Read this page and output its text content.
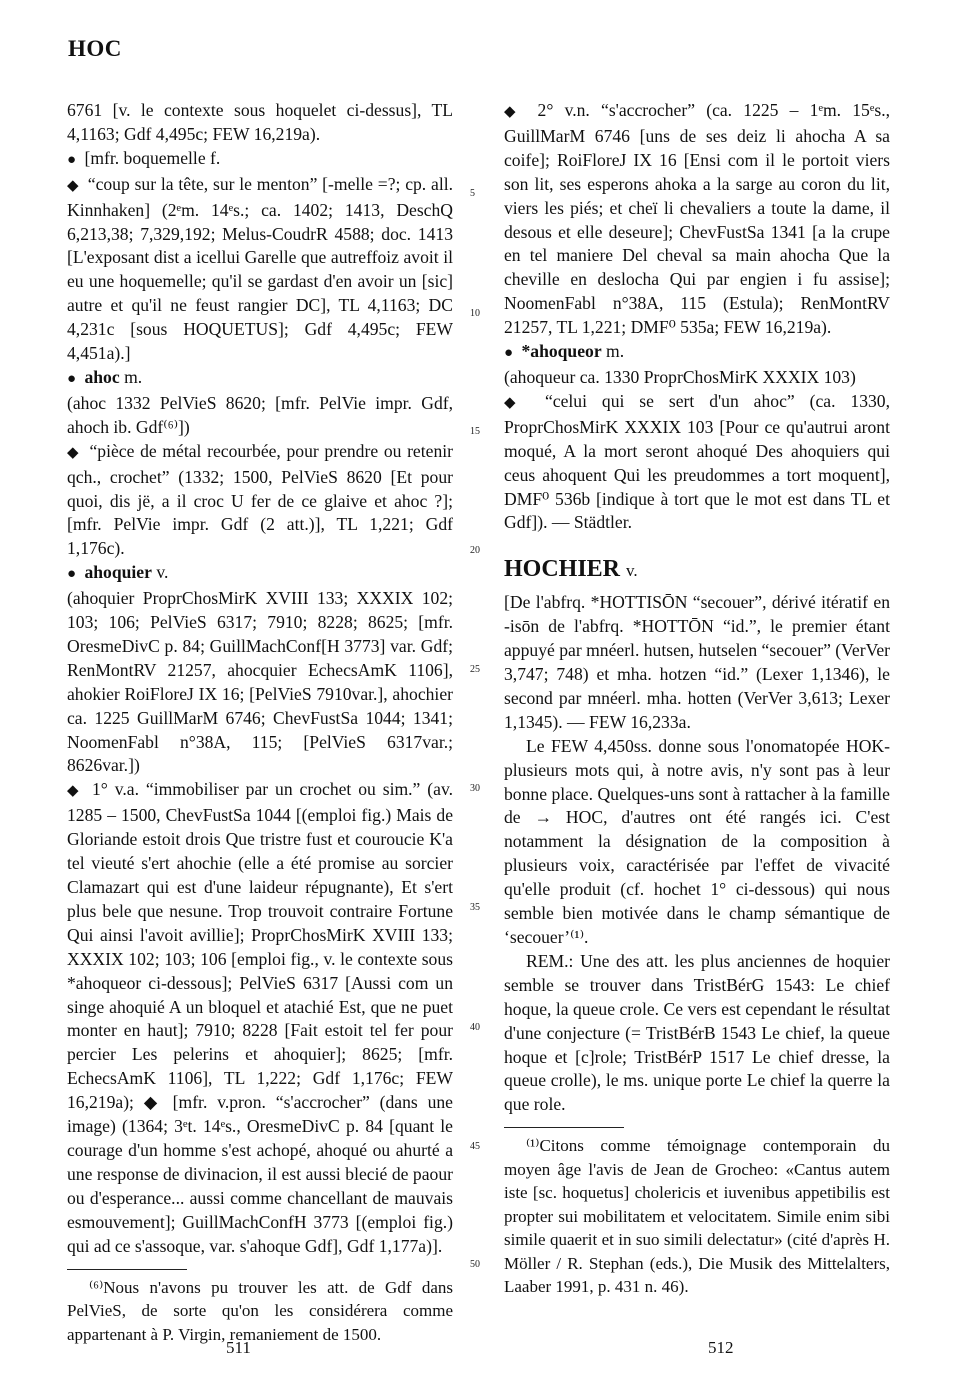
HOC

6761 [v. le contexte sous hoquelet ci-dessus], TL 4,1163; Gdf 4,495c; FEW 16,219a).

● [mfr. boquemelle f.

◆ “coup sur la tête, sur le menton” [-melle =?; cp. all. Kinnhaken] (2ᵉm. 14ᵉs.; ca. 1402; 1413, DeschQ 6,213,38; 7,329,192; Melus-CoudrR 4588; doc. 1413 [L'exposant dist a icellui Garelle que autreffoiz avoit il eu une hoquemelle; qu'il se gardast d'en avoir un [sic] autre et qu'il ne feust rangier DC], TL 4,1163; DC 4,231c [sous HOQUETUS]; Gdf 4,495c; FEW 4,451a).]

● ahoc m.

(ahoc 1332 PelVieS 8620; [mfr. PelVie impr. Gdf, ahoch ib. Gdf⁽⁶⁾])

◆ “pièce de métal recourbée, pour prendre ou retenir qch., crochet” (1332; 1500, PelVieS 8620 [Et pour quoi, dis jë, a il croc U fer de ce glaive et ahoc ?]; [mfr. PelVie impr. Gdf (2 att.)], TL 1,221; Gdf 1,176c).

● ahoquier v.

(ahoquier ProprChosMirK XVIII 133; XXXIX 102; 103; 106; PelVieS 6317; 7910; 8228; 8625; [mfr. OresmeDivC p. 84; GuillMachConf[H 3773] var. Gdf; RenMontRV 21257, ahocquier EchecsAmK 1106], ahokier RoiFloreJ IX 16; [PelVieS 7910var.], ahochier ca. 1225 GuillMarM 6746; ChevFustSa 1044; 1341; NoomenFabl n°38A, 115; [PelVieS 6317var.; 8626var.])

◆ 1° v.a. “immobiliser par un crochet ou sim.” (av. 1285 – 1500, ChevFustSa 1044 [(emploi fig.) Mais de Gloriande estoit drois Que tristre fust et couroucie K'a tel vieuté s'ert ahochie (elle a été promise au sorcier Clamazart qui est d'une laideur répugnante), Et s'ert plus bele que nesune. Trop trouvoit contraire Fortune Qui ainsi l'avoit avillie]; ProprChosMirK XVIII 133; XXXIX 102; 103; 106 [emploi fig., v. le contexte sous *ahoqueor ci-dessous]; PelVieS 6317 [Aussi com un singe ahoquié A un bloquel et atachié Est, que ne puet monter en haut]; 7910; 8228 [Fait estoit tel fer pour percier Les pelerins et ahoquier]; 8625; [mfr. EchecsAmK 1106], TL 1,222; Gdf 1,176c; FEW 16,219a); ◆ [mfr. v.pron. “s'accrocher” (dans une image) (1364; 3ᵉt. 14ᵉs., OresmeDivC p. 84 [quant le courage d'un homme s'est achopé, ahoqué ou ahurté a une response de divinacion, il est aussi blecié de paour ou d'esperance... aussi comme chancellant de mauvais esmouvement]; GuillMachConfH 3773 [(emploi fig.) qui ad ce s'assoque, var. s'ahoque Gdf], Gdf 1,177a)].

⁽⁶⁾Nous n'avons pu trouver les att. de Gdf dans PelVieS, de sorte qu'on les considérera comme appartenant à P. Virgin, remaniement de 1500.

◆ 2° v.n. “s'accrocher” (ca. 1225 – 1ᵉm. 15ᵉs., GuillMarM 6746 [uns de ses deiz li ahocha A sa coife]; RoiFloreJ IX 16 [Ensi com il le portoit viers son lit, ses esperons ahoka a la sarge au coron du lit, viers les piés; et cheï li chevaliers a toute la dame, il desous et elle deseure]; ChevFustSa 1341 [a la crupe en tel maniere Del cheval sa main ahocha Que la cheville en deslocha Qui par engien i fu assise]; NoomenFabl n°38A, 115 (Estula); RenMontRV 21257, TL 1,221; DMF⁰ 535a; FEW 16,219a).

● *ahoqueor m.

(ahoqueur ca. 1330 ProprChosMirK XXXIX 103)

◆ “celui qui se sert d'un ahoc” (ca. 1330, ProprChosMirK XXXIX 103 [Pour ce qu'autrui aront moqué, A la mort seront ahoqué Des ahoquiers qui ceus ahoquent Qui les preudommes a tort moquent], DMF⁰ 536b [indique à tort que le mot est dans TL et Gdf]). — Städtler.

HOCHIER v.

[De l'abfrq. *HOTTISŌN “secouer”, dérivé itératif en -isōn de l'abfrq. *HOTTŌN “id.”, le premier étant appuyé par mnéerl. hutsen, hutselen “secouer” (VerVer 3,747; 748) et mha. hotzen “id.” (Lexer 1,1346), le second par mnéerl. mha. hotten (VerVer 3,613; Lexer 1,1345). — FEW 16,233a.

Le FEW 4,450ss. donne sous l'onomatopée HOK- plusieurs mots qui, à notre avis, n'y sont pas à leur bonne place. Quelques-uns sont à rattacher à la famille de → HOC, d'autres ont été rangés ici. C'est notamment la désignation de la composition à plusieurs voix, caractérisée par l'effet de vivacité qu'elle produit (cf. hochet 1° ci-dessous) qui nous semble bien motivée dans le champ sémantique de ‘secouer’⁽¹⁾.

REM.: Une des att. les plus anciennes de hoquier semble se trouver dans TristBérG 1543: Le chief hoque, la queue crole. Ce vers est cependant le résultat d'une conjecture (= TristBérB 1543 Le chief, la queue hoque et [c]role; TristBérP 1517 Le chief dresse, la queue crolle), le ms. unique porte Le chief la querre la que role.

⁽¹⁾Citons comme témoignage contemporain du moyen âge l'avis de Jean de Grocheo: «Cantus autem iste [sc. hoquetus] cholericis et iuvenibus appetibilis est propter sui mobilitatem et velocitatem. Simile enim sibi simile quaerit et in suo simili delectatur» (cité d'après H. Möller / R. Stephan (eds.), Die Musik des Mittelalters, Laaber 1991, p. 431 n. 46).

5
10
15
20
25
30
35
40
45
50
511	512
